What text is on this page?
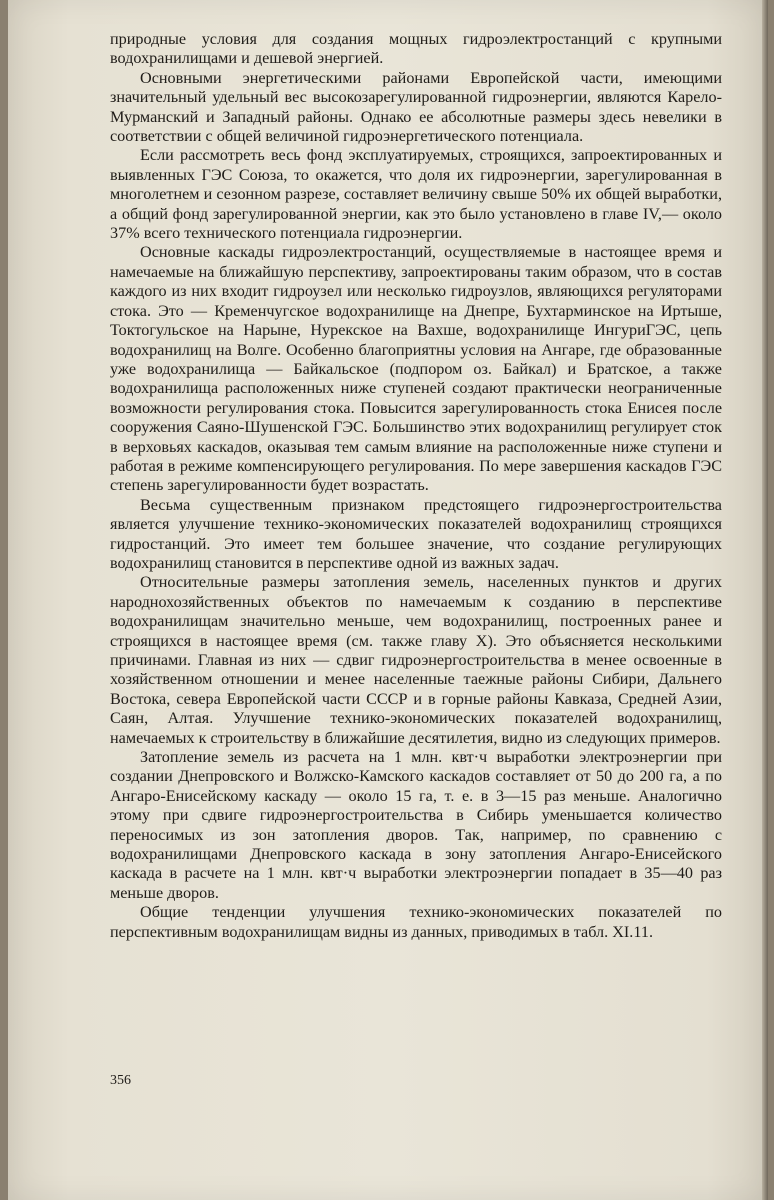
природные условия для создания мощных гидроэлектростанций с крупными водохранилищами и дешевой энергией.

Основными энергетическими районами Европейской части, имеющими значительный удельный вес высокозарегулированной гидроэнергии, являются Карело-Мурманский и Западный районы. Однако ее абсолютные размеры здесь невелики в соответствии с общей величиной гидроэнергетического потенциала.

Если рассмотреть весь фонд эксплуатируемых, строящихся, запроектированных и выявленных ГЭС Союза, то окажется, что доля их гидроэнергии, зарегулированная в многолетнем и сезонном разрезе, составляет величину свыше 50% их общей выработки, а общий фонд зарегулированной энергии, как это было установлено в главе IV,— около 37% всего технического потенциала гидроэнергии.

Основные каскады гидроэлектростанций, осуществляемые в настоящее время и намечаемые на ближайшую перспективу, запроектированы таким образом, что в состав каждого из них входит гидроузел или несколько гидроузлов, являющихся регуляторами стока. Это — Кременчугское водохранилище на Днепре, Бухтарминское на Иртыше, Токтогульское на Нарыне, Нурекское на Вахше, водохранилище ИнгуриГЭС, цепь водохранилищ на Волге. Особенно благоприятны условия на Ангаре, где образованные уже водохранилища — Байкальское (подпором оз. Байкал) и Братское, а также водохранилища расположенных ниже ступеней создают практически неограниченные возможности регулирования стока. Повысится зарегулированность стока Енисея после сооружения Саяно-Шушенской ГЭС. Большинство этих водохранилищ регулирует сток в верховьях каскадов, оказывая тем самым влияние на расположенные ниже ступени и работая в режиме компенсирующего регулирования. По мере завершения каскадов ГЭС степень зарегулированности будет возрастать.

Весьма существенным признаком предстоящего гидроэнергостроительства является улучшение технико-экономических показателей водохранилищ строящихся гидростанций. Это имеет тем большее значение, что создание регулирующих водохранилищ становится в перспективе одной из важных задач.

Относительные размеры затопления земель, населенных пунктов и других народнохозяйственных объектов по намечаемым к созданию в перспективе водохранилищам значительно меньше, чем водохранилищ, построенных ранее и строящихся в настоящее время (см. также главу X). Это объясняется несколькими причинами. Главная из них — сдвиг гидроэнергостроительства в менее освоенные в хозяйственном отношении и менее населенные таежные районы Сибири, Дальнего Востока, севера Европейской части СССР и в горные районы Кавказа, Средней Азии, Саян, Алтая. Улучшение технико-экономических показателей водохранилищ, намечаемых к строительству в ближайшие десятилетия, видно из следующих примеров.

Затопление земель из расчета на 1 млн. квт·ч выработки электроэнергии при создании Днепровского и Волжско-Камского каскадов составляет от 50 до 200 га, а по Ангаро-Енисейскому каскаду — около 15 га, т. е. в 3—15 раз меньше. Аналогично этому при сдвиге гидроэнергостроительства в Сибирь уменьшается количество переносимых из зон затопления дворов. Так, например, по сравнению с водохранилищами Днепровского каскада в зону затопления Ангаро-Енисейского каскада в расчете на 1 млн. квт·ч выработки электроэнергии попадает в 35—40 раз меньше дворов.

Общие тенденции улучшения технико-экономических показателей по перспективным водохранилищам видны из данных, приводимых в табл. XI.11.

356
